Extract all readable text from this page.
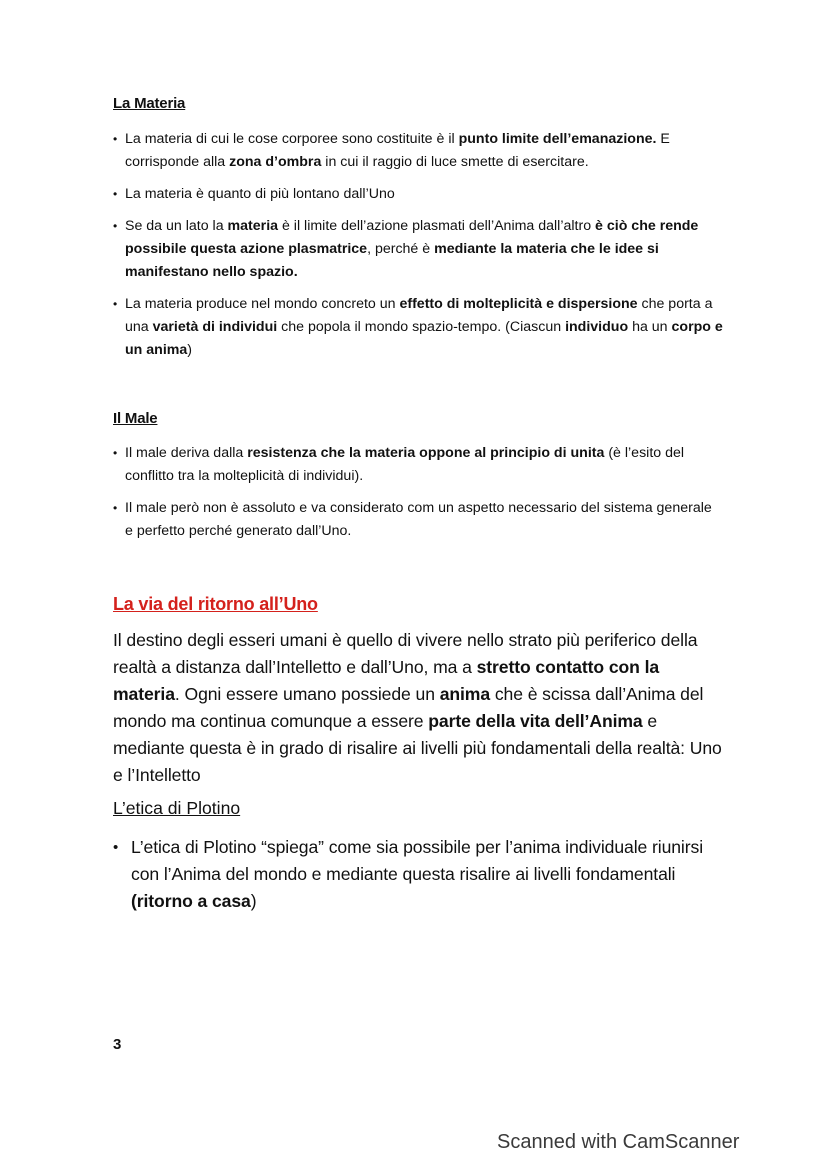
La Materia
• La materia di cui le cose corporee sono costituite è il punto limite dell’emanazione. E corrisponde alla zona d’ombra in cui il raggio di luce smette di esercitare.
• La materia è quanto di più lontano dall’Uno
• Se da un lato la materia è il limite dell’azione plasmati dell’Anima dall’altro è ciò che rende possibile questa azione plasmatrice, perché è mediante la materia che le idee si manifestano nello spazio.
• La materia produce nel mondo concreto un effetto di molteplicità e dispersione che porta a una varietà di individui che popola il mondo spazio-tempo. (Ciascun individuo ha un corpo e un anima)
Il Male
• Il male deriva dalla resistenza che la materia oppone al principio di unita (è l’esito del conflitto tra la molteplicità di individui).
• Il male però non è assoluto e va considerato com un aspetto necessario del sistema generale e perfetto perché generato dall’Uno.
La via del ritorno all’Uno

Il destino degli esseri umani è quello di vivere nello strato più periferico della realtà a distanza dall’Intelletto e dall’Uno, ma a stretto contatto con la materia. Ogni essere umano possiede un anima che è scissa dall’Anima del mondo ma continua comunque a essere parte della vita dell’Anima e mediante questa è in grado di risalire ai livelli più fondamentali della realtà: Uno e l’Intelletto

L’etica di Plotino
• L’etica di Plotino “spiega” come sia possibile per l’anima individuale riunirsi con l’Anima del mondo e mediante questa risalire ai livelli fondamentali (ritorno a casa)
3
Scanned with CamScanner
